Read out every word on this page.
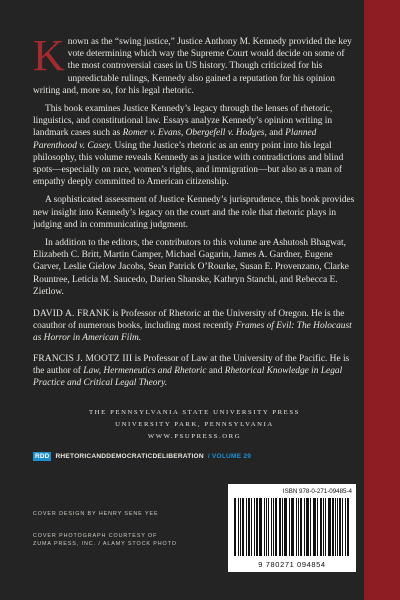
Known as the “swing justice,” Justice Anthony M. Kennedy provided the key vote determining which way the Supreme Court would decide on some of the most controversial cases in US history. Though criticized for his unpredictable rulings, Kennedy also gained a reputation for his opinion writing and, more so, for his legal rhetoric.

This book examines Justice Kennedy’s legacy through the lenses of rhetoric, linguistics, and constitutional law. Essays analyze Kennedy’s opinion writing in landmark cases such as Romer v. Evans, Obergefell v. Hodges, and Planned Parenthood v. Casey. Using the Justice’s rhetoric as an entry point into his legal philosophy, this volume reveals Kennedy as a justice with contradictions and blind spots—especially on race, women’s rights, and immigration—but also as a man of empathy deeply committed to American citizenship.

A sophisticated assessment of Justice Kennedy’s jurisprudence, this book provides new insight into Kennedy’s legacy on the court and the role that rhetoric plays in judging and in communicating judgment.

In addition to the editors, the contributors to this volume are Ashutosh Bhagwat, Elizabeth C. Britt, Martin Camper, Michael Gagarin, James A. Gardner, Eugene Garver, Leslie Gielow Jacobs, Sean Patrick O’Rourke, Susan E. Provenzano, Clarke Rountree, Leticia M. Saucedo, Darien Shanske, Kathryn Stanchi, and Rebecca E. Zietlow.

DAVID A. FRANK is Professor of Rhetoric at the University of Oregon. He is the coauthor of numerous books, including most recently Frames of Evil: The Holocaust as Horror in American Film.

FRANCIS J. MOOTZ III is Professor of Law at the University of the Pacific. He is the author of Law, Hermeneutics and Rhetoric and Rhetorical Knowledge in Legal Practice and Critical Legal Theory.

THE PENNSYLVANIA STATE UNIVERSITY PRESS
UNIVERSITY PARK, PENNSYLVANIA
WWW.PSUPRESS.ORG
RDD RHETORICANDDEMOCRATICDELIBERATION / VOLUME 29
COVER DESIGN BY HENRY SENE YEE
COVER PHOTOGRAPH COURTESY OF
ZUMA PRESS, INC. / ALAMY STOCK PHOTO
ISBN 978-0-271-09485-4
9 780271 094854
